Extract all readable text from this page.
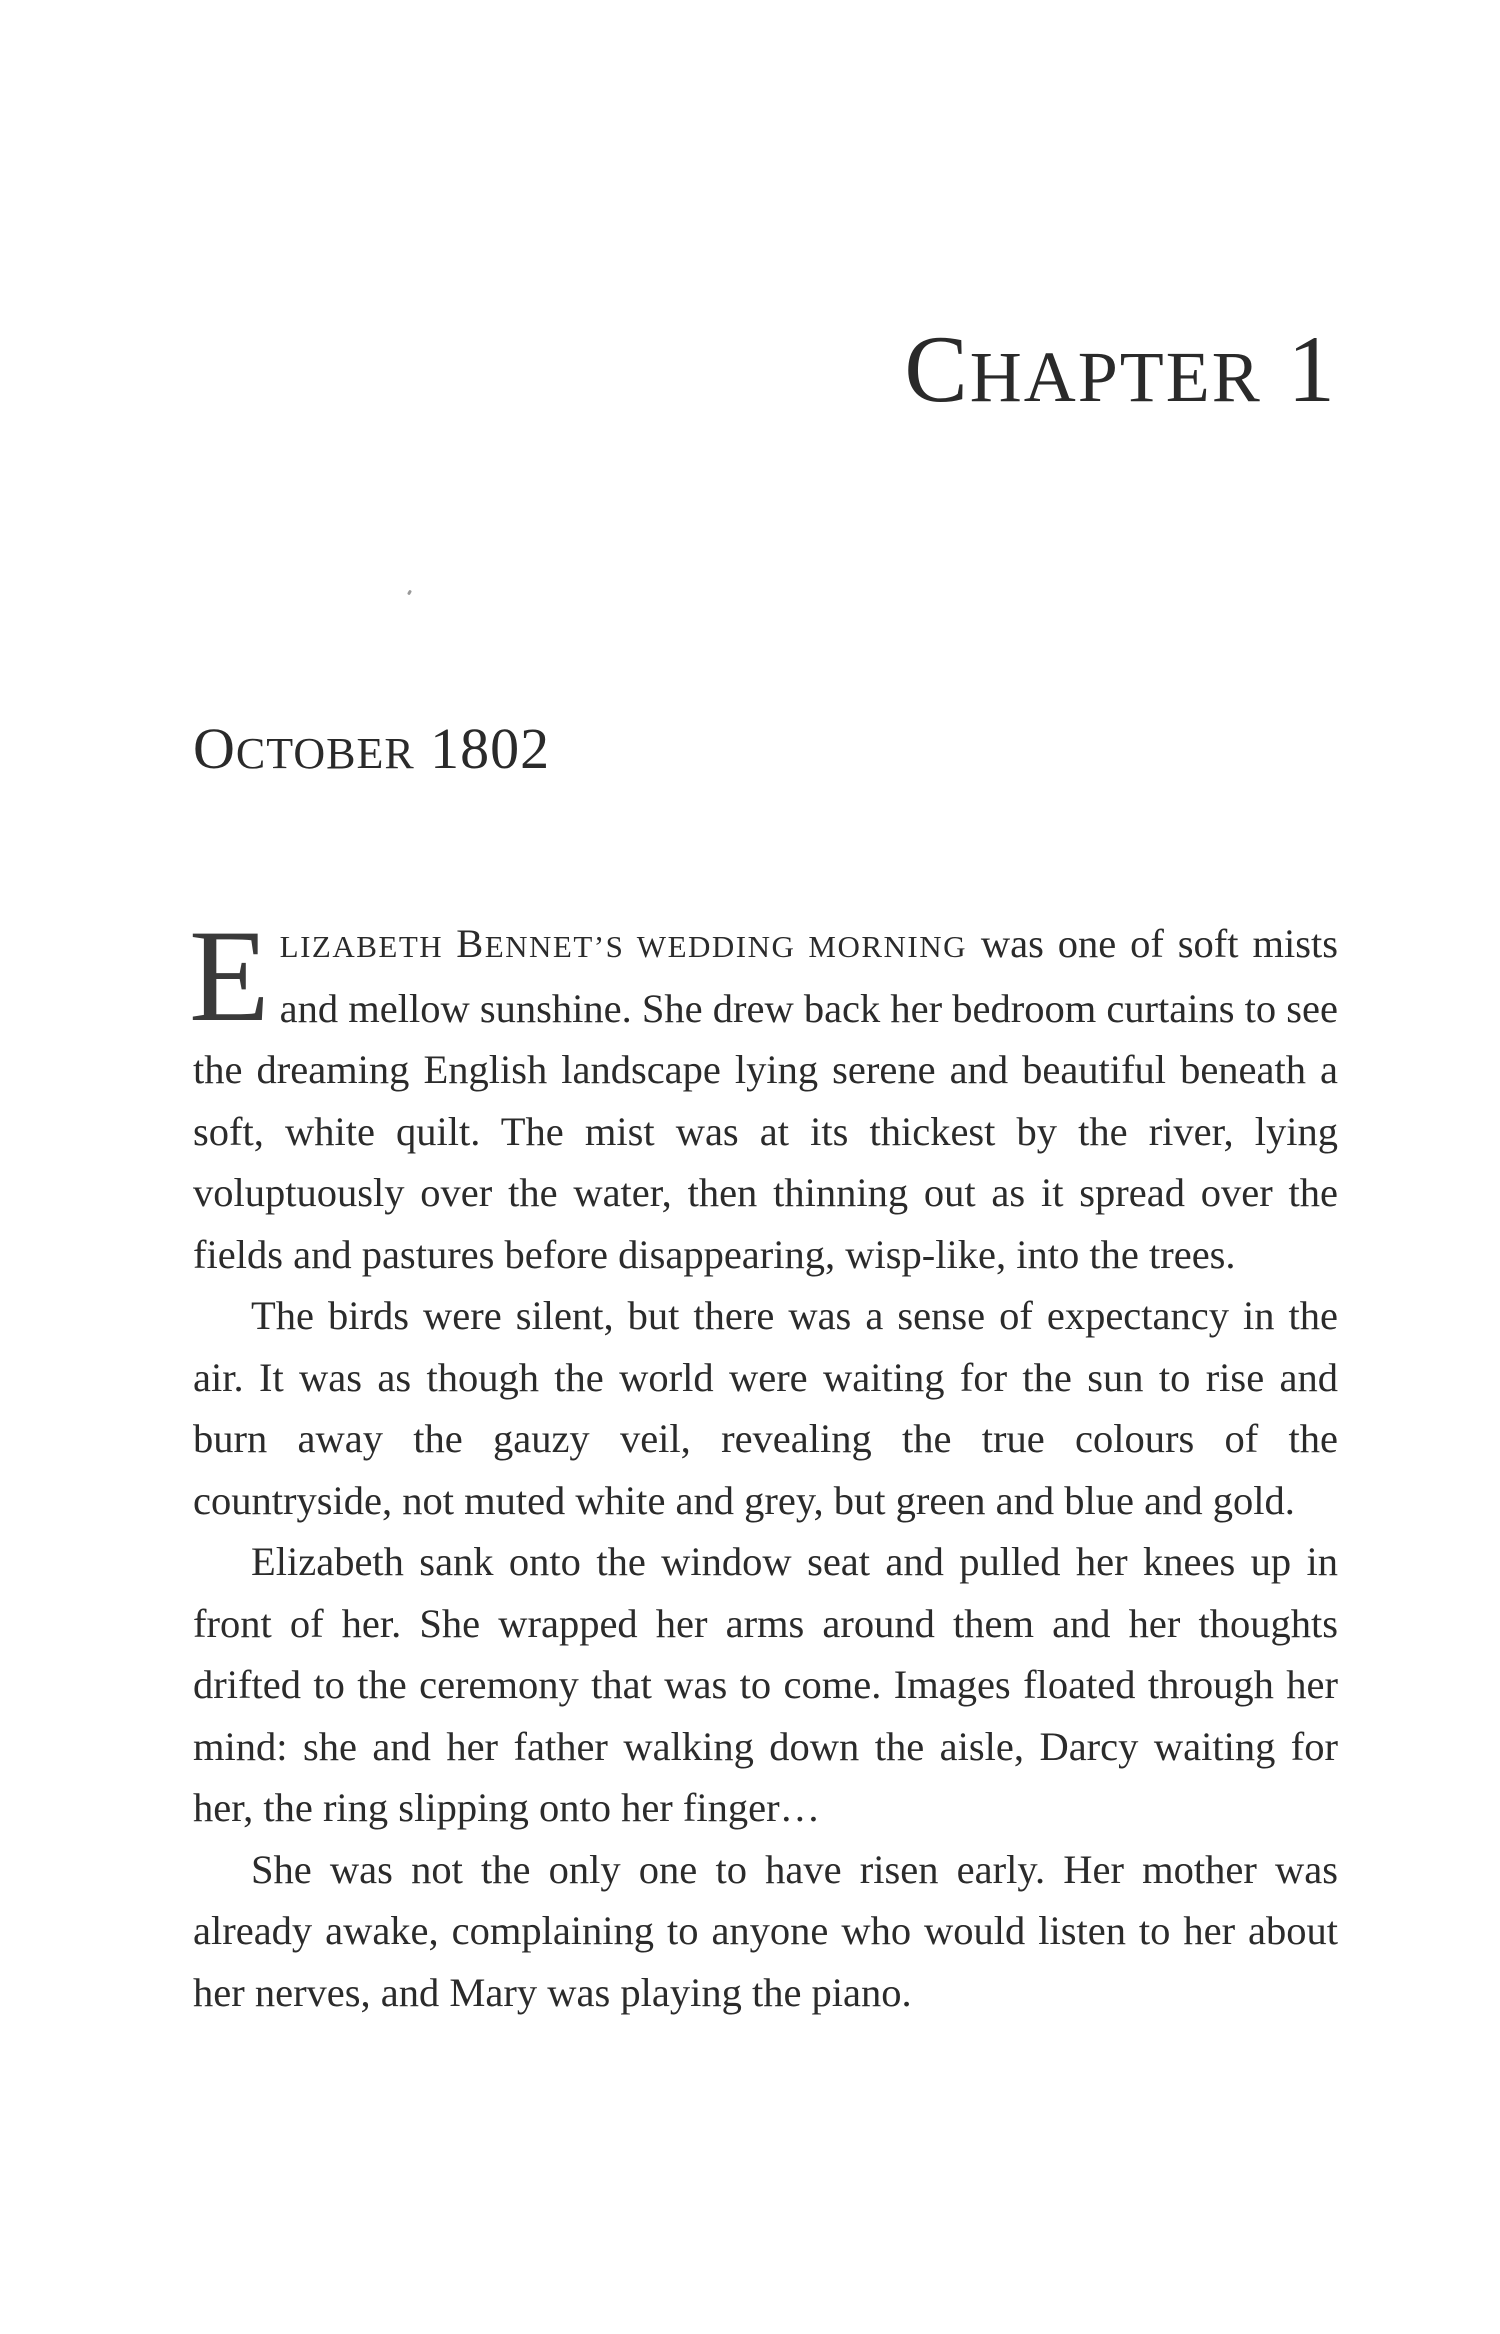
CHAPTER 1
OCTOBER 1802

ELIZABETH BENNET’S WEDDING MORNING was one of soft mists and mellow sunshine. She drew back her bedroom curtains to see the dreaming English landscape lying serene and beautiful beneath a soft, white quilt. The mist was at its thickest by the river, lying voluptuously over the water, then thinning out as it spread over the fields and pastures before disappearing, wisp-like, into the trees.

The birds were silent, but there was a sense of expectancy in the air. It was as though the world were waiting for the sun to rise and burn away the gauzy veil, revealing the true colours of the countryside, not muted white and grey, but green and blue and gold.

Elizabeth sank onto the window seat and pulled her knees up in front of her. She wrapped her arms around them and her thoughts drifted to the ceremony that was to come. Images floated through her mind: she and her father walking down the aisle, Darcy waiting for her, the ring slipping onto her finger…

She was not the only one to have risen early. Her mother was already awake, complaining to anyone who would listen to her about her nerves, and Mary was playing the piano.
